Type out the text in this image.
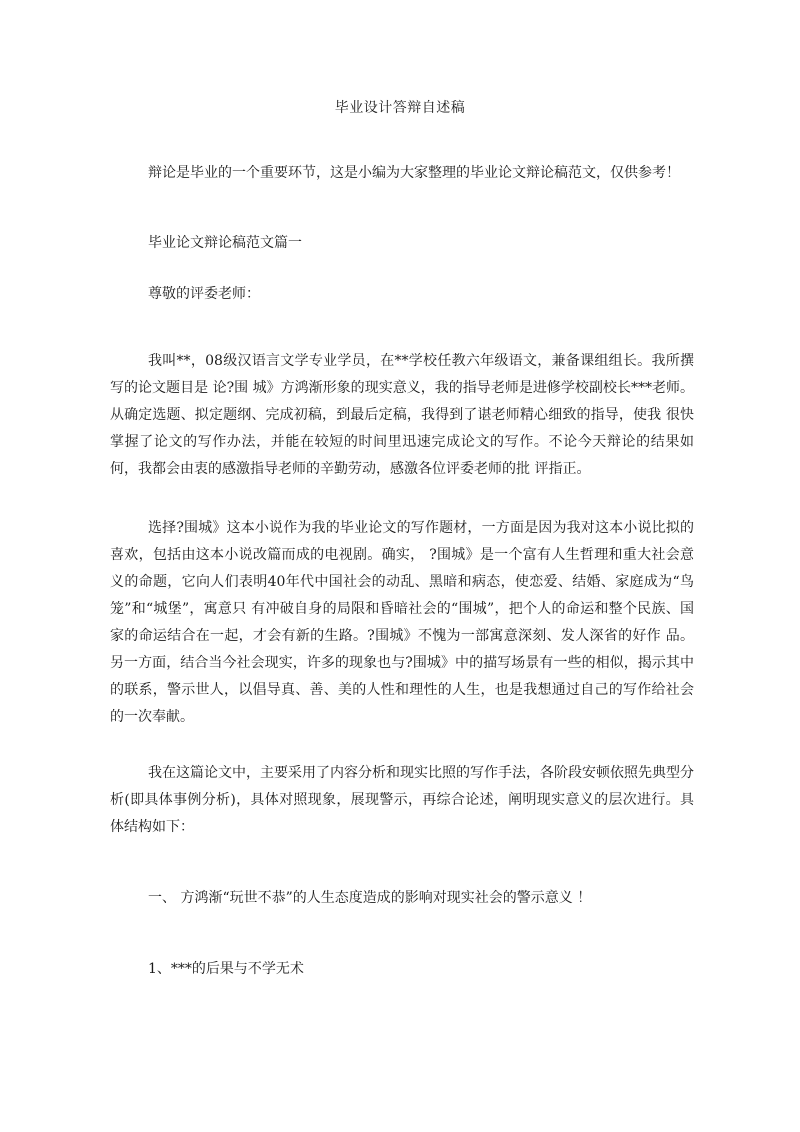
毕业设计答辩自述稿

辩论是毕业的一个重要环节，这是小编为大家整理的毕业论文辩论稿范文，仅供参考！

毕业论文辩论稿范文篇一

尊敬的评委老师：

我叫**，08级汉语言文学专业学员，在**学校任教六年级语文，兼备课组组长。我所撰写的论文题目是 论?围 城》方鸿渐形象的现实意义，我的指导老师是进修学校副校长***老师。从确定选题、拟定题纲、完成初稿，到最后定稿，我得到了谌老师精心细致的指导，使我 很快掌握了论文的写作办法，并能在较短的时间里迅速完成论文的写作。不论今天辩论的结果如何，我都会由衷的感激指导老师的辛勤劳动，感激各位评委老师的批 评指正。

选择?围城》这本小说作为我的毕业论文的写作题材，一方面是因为我对这本小说比拟的喜欢，包括由这本小说改篇而成的电视剧。确实， ?围城》是一个富有人生哲理和重大社会意义的命题，它向人们表明40年代中国社会的动乱、黑暗和病态，使恋爱、结婚、家庭成为“鸟笼”和“城堡”，寓意只 有冲破自身的局限和昏暗社会的“围城”，把个人的命运和整个民族、国家的命运结合在一起，才会有新的生路。?围城》不愧为一部寓意深刻、发人深省的好作 品。另一方面，结合当今社会现实，许多的现象也与?围城》中的描写场景有一些的相似，揭示其中的联系，警示世人，以倡导真、善、美的人性和理性的人生，也是我想通过自己的写作给社会的一次奉献。

我在这篇论文中，主要采用了内容分析和现实比照的写作手法，各阶段安顿依照先典型分析(即具体事例分析)，具体对照现象，展现警示，再综合论述，阐明现实意义的层次进行。具体结构如下：

一、 方鸿渐“玩世不恭”的人生态度造成的影响对现实社会的警示意义 ！

1、***的后果与不学无术
